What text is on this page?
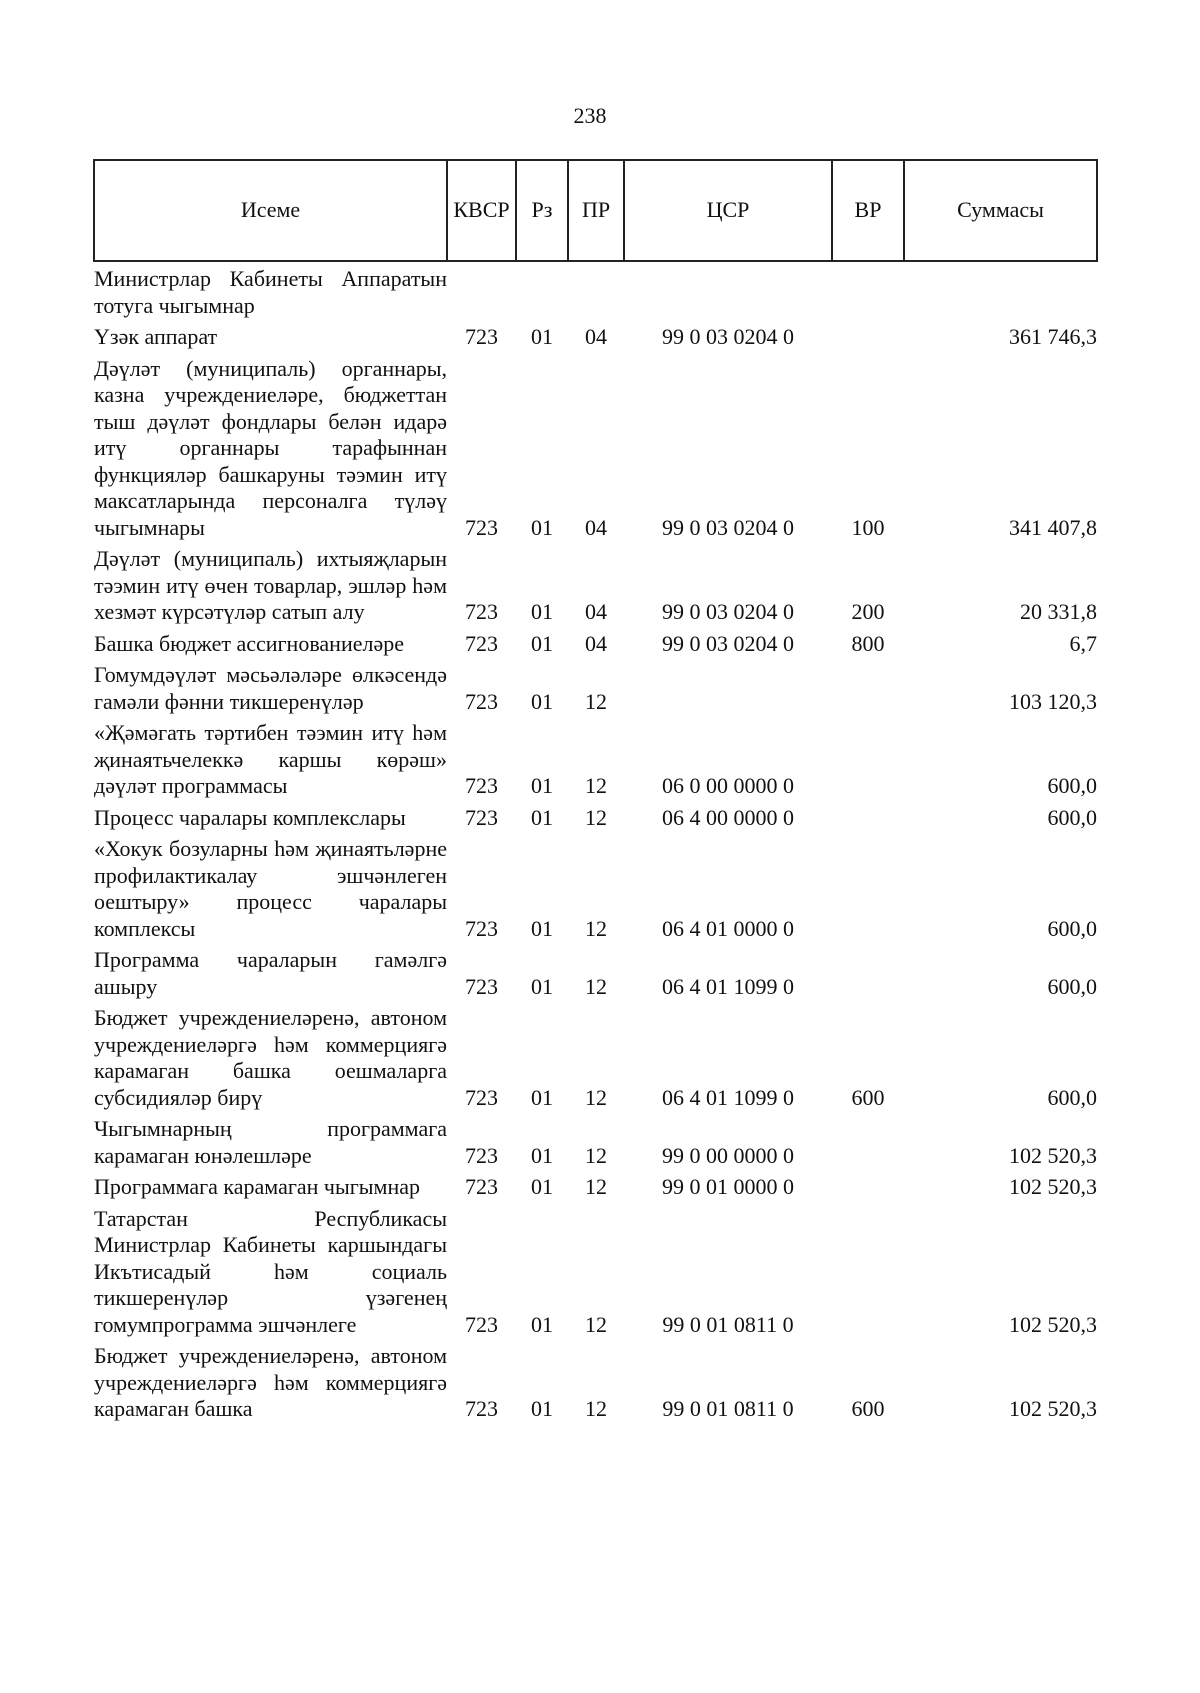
238
Исеме	КВСР	Рз	ПР	ЦСР	ВР	Суммасы
Министрлар Кабинеты Аппаратын тотуга чыгымнар						
Үзәк аппарат	723	01	04	99 0 03 0204 0		361 746,3
Дәүләт (муниципаль) органнары, казна учреждениеләре, бюджеттан тыш дәүләт фондлары белән идарә итү органнары тарафыннан функцияләр башкаруны тәэмин итү максатларында персоналга түләү чыгымнары	723	01	04	99 0 03 0204 0	100	341 407,8
Дәүләт (муниципаль) ихтыяҗларын тәэмин итү өчен товарлар, эшләр һәм хезмәт күрсәтүләр сатып алу	723	01	04	99 0 03 0204 0	200	20 331,8
Башка бюджет ассигнованиеләре	723	01	04	99 0 03 0204 0	800	6,7
Гомумдәүләт мәсьәләләре өлкәсендә гамәли фәнни тикшеренүләр	723	01	12			103 120,3
«Җәмәгать тәртибен тәэмин итү һәм җинаятьчелеккә каршы көрәш» дәүләт программасы	723	01	12	06 0 00 0000 0		600,0
Процесс чаралары комплекслары	723	01	12	06 4 00 0000 0		600,0
«Хокук бозуларны һәм җинаятьләрне профилактикалау эшчәнлеген оештыру» процесс чаралары комплексы	723	01	12	06 4 01 0000 0		600,0
Программа чараларын гамәлгә ашыру	723	01	12	06 4 01 1099 0		600,0
Бюджет учреждениеләренә, автоном учреждениеләргә һәм коммерциягә карамаган башка оешмаларга субсидияләр бирү	723	01	12	06 4 01 1099 0	600	600,0
Чыгымнарның программага карамаган юнәлешләре	723	01	12	99 0 00 0000 0		102 520,3
Программага карамаган чыгымнар	723	01	12	99 0 01 0000 0		102 520,3
Татарстан Республикасы Министрлар Кабинеты каршындагы Икътисадый һәм социаль тикшеренүләр үзәгенең гомумпрограмма эшчәнлеге	723	01	12	99 0 01 0811 0		102 520,3
Бюджет учреждениеләренә, автоном учреждениеләргә һәм коммерциягә карамаган башка	723	01	12	99 0 01 0811 0	600	102 520,3
